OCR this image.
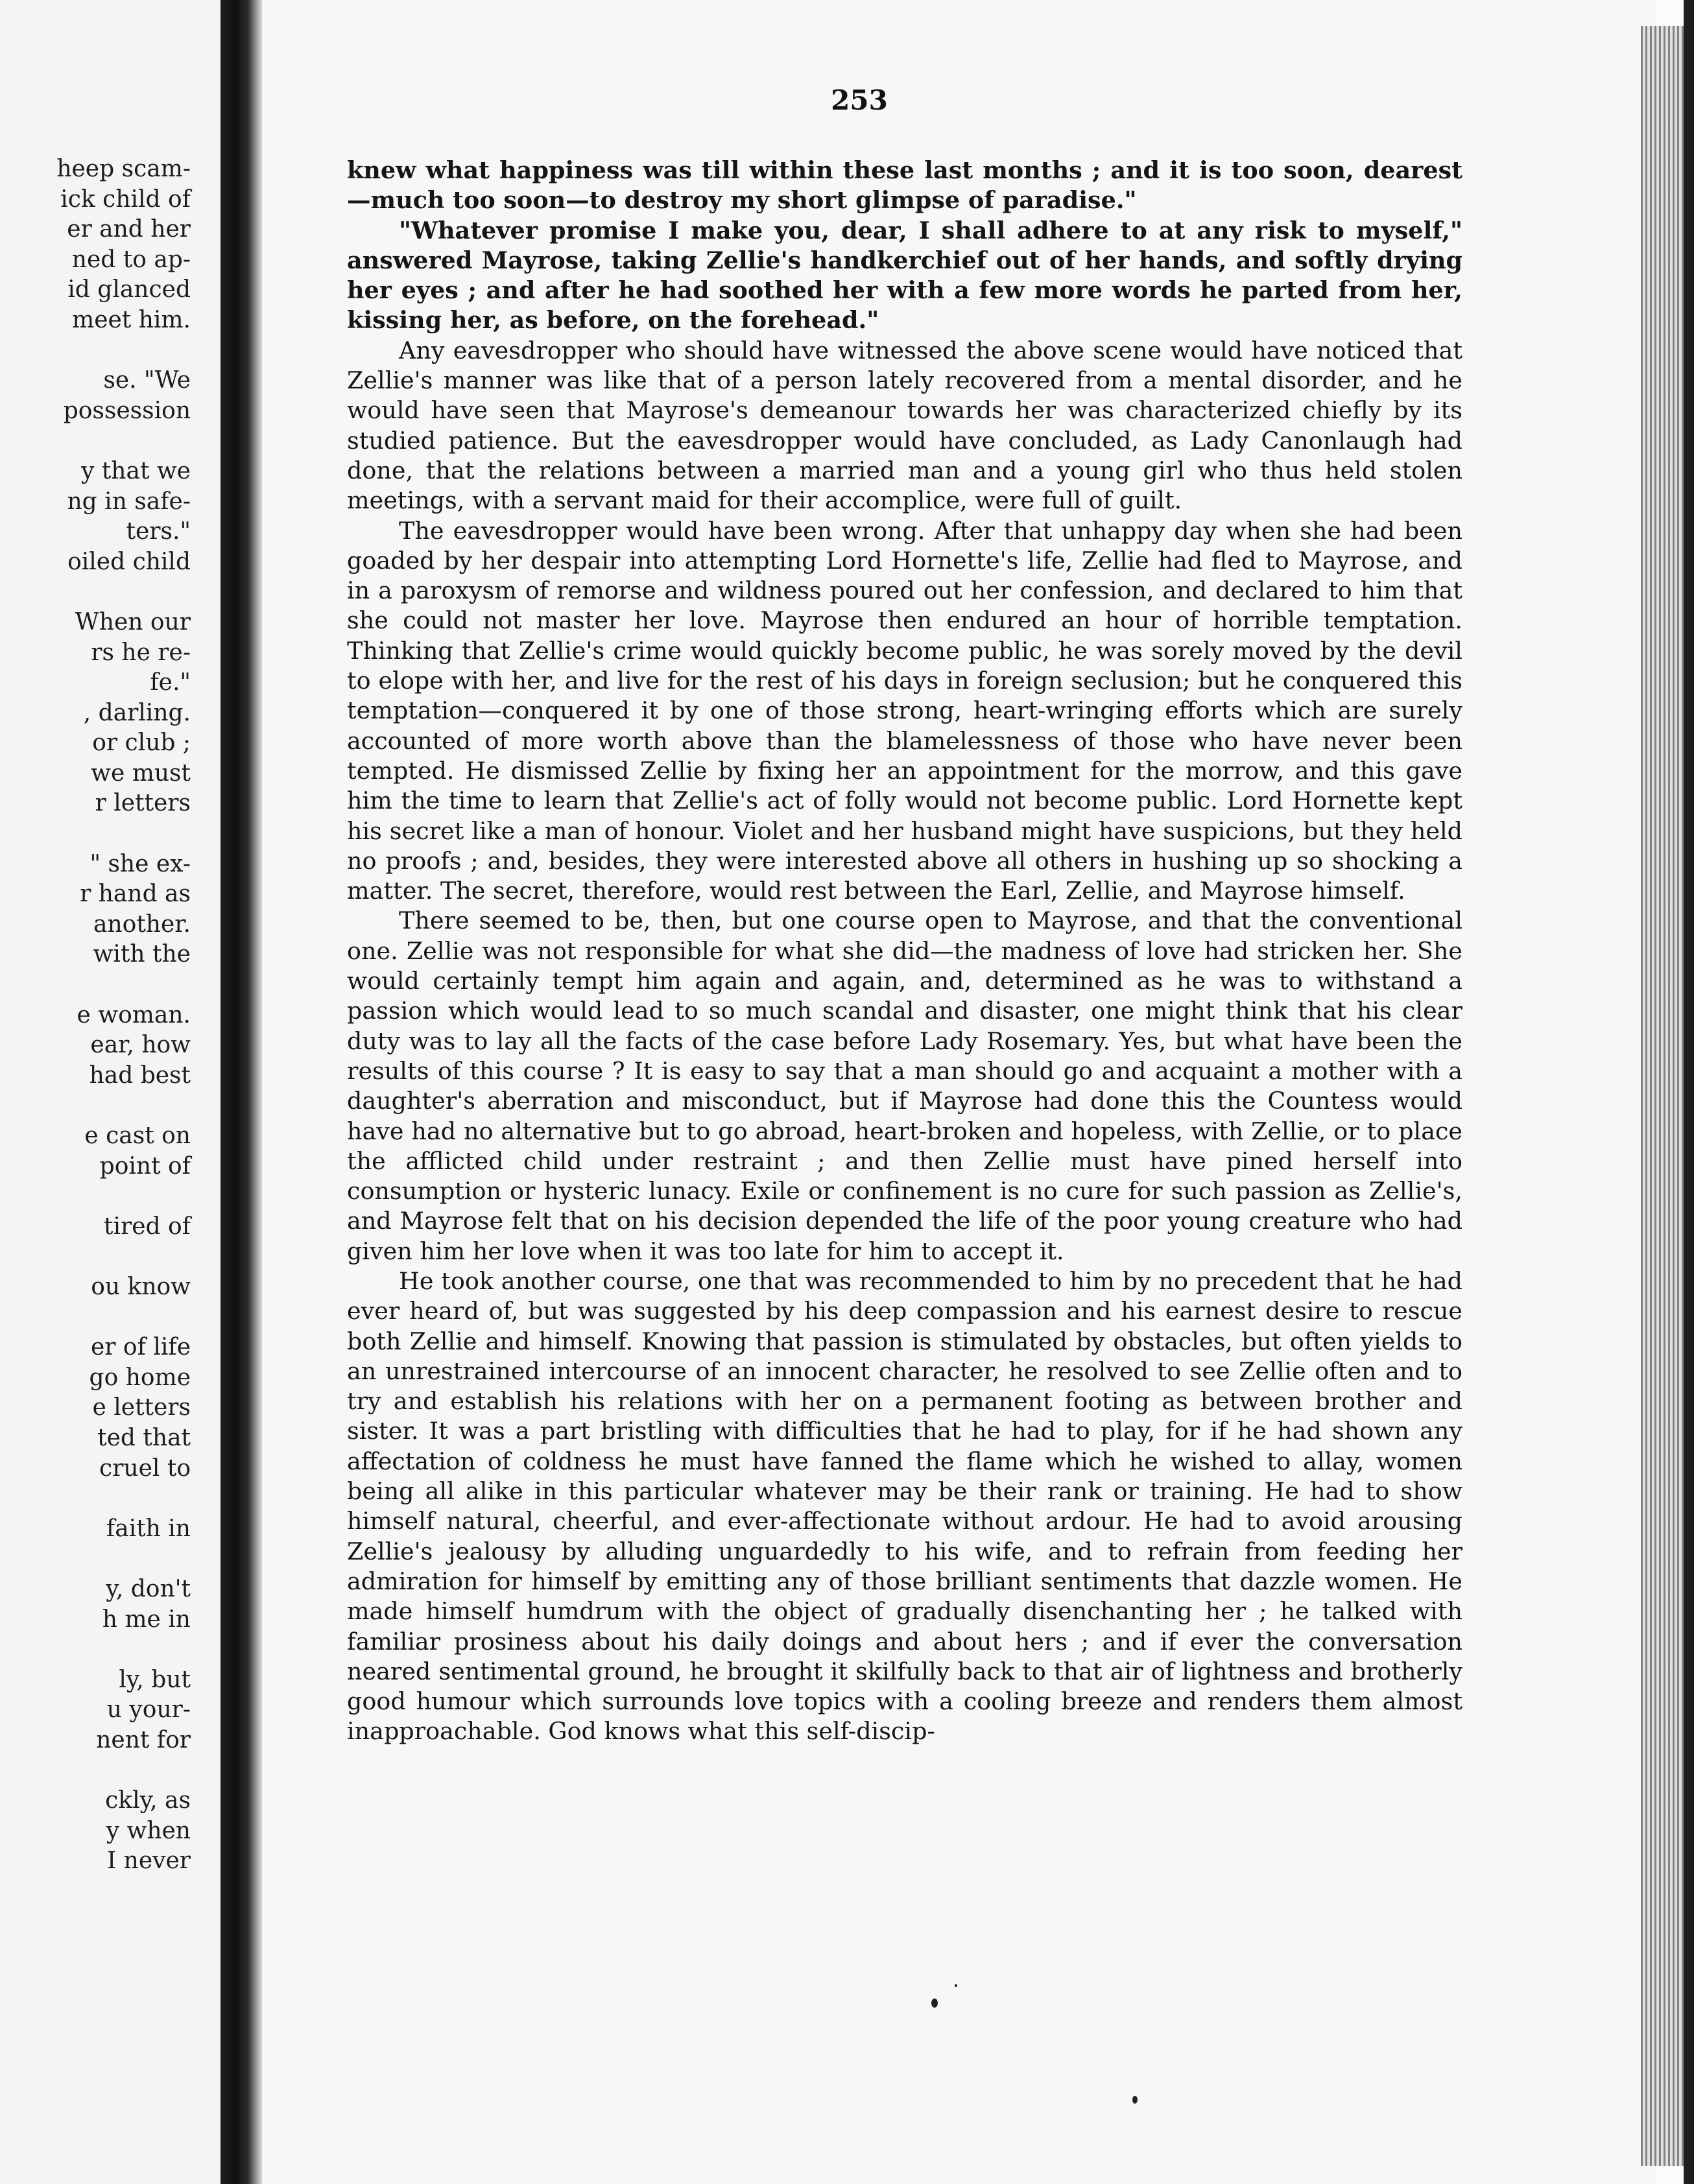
heep scam-
ick child of
er and her
ned to ap-
id glanced
meet him.

se. "We
possession

y that we
ng in safe-
ters."
oiled child

When our
rs he re-
fe."
, darling.
or club ;
we must
r letters

" she ex-
r hand as
another.
with the

e woman.
ear, how
had best

e cast on
point of

tired of

ou know

er of life
go home
e letters
ted that
cruel to

faith in

y, don't
h me in

ly, but
u your-
nent for

ckly, as
y when
I never
253

knew what happiness was till within these last months ; and it is too soon, dearest —much too soon—to destroy my short glimpse of paradise."

"Whatever promise I make you, dear, I shall adhere to at any risk to myself," answered Mayrose, taking Zellie's handkerchief out of her hands, and softly drying her eyes ; and after he had soothed her with a few more words he parted from her, kissing her, as before, on the forehead."

Any eavesdropper who should have witnessed the above scene would have noticed that Zellie's manner was like that of a person lately recovered from a mental disorder, and he would have seen that Mayrose's demeanour towards her was characterized chiefly by its studied patience. But the eavesdropper would have concluded, as Lady Canonlaugh had done, that the relations between a married man and a young girl who thus held stolen meetings, with a servant maid for their accomplice, were full of guilt.

The eavesdropper would have been wrong. After that unhappy day when she had been goaded by her despair into attempting Lord Hornette's life, Zellie had fled to Mayrose, and in a paroxysm of remorse and wildness poured out her confession, and declared to him that she could not master her love. Mayrose then endured an hour of horrible temptation. Thinking that Zellie's crime would quickly become public, he was sorely moved by the devil to elope with her, and live for the rest of his days in foreign seclusion; but he conquered this temptation—conquered it by one of those strong, heart-wringing efforts which are surely accounted of more worth above than the blamelessness of those who have never been tempted. He dismissed Zellie by fixing her an appointment for the morrow, and this gave him the time to learn that Zellie's act of folly would not become public. Lord Hornette kept his secret like a man of honour. Violet and her husband might have suspicions, but they held no proofs ; and, besides, they were interested above all others in hushing up so shocking a matter. The secret, therefore, would rest between the Earl, Zellie, and Mayrose himself.

There seemed to be, then, but one course open to Mayrose, and that the conventional one. Zellie was not responsible for what she did—the madness of love had stricken her. She would certainly tempt him again and again, and, determined as he was to withstand a passion which would lead to so much scandal and disaster, one might think that his clear duty was to lay all the facts of the case before Lady Rosemary. Yes, but what have been the results of this course ? It is easy to say that a man should go and acquaint a mother with a daughter's aberration and misconduct, but if Mayrose had done this the Countess would have had no alternative but to go abroad, heart-broken and hopeless, with Zellie, or to place the afflicted child under restraint ; and then Zellie must have pined herself into consumption or hysteric lunacy. Exile or confinement is no cure for such passion as Zellie's, and Mayrose felt that on his decision depended the life of the poor young creature who had given him her love when it was too late for him to accept it.

He took another course, one that was recommended to him by no precedent that he had ever heard of, but was suggested by his deep compassion and his earnest desire to rescue both Zellie and himself. Knowing that passion is stimulated by obstacles, but often yields to an unrestrained intercourse of an innocent character, he resolved to see Zellie often and to try and establish his relations with her on a permanent footing as between brother and sister. It was a part bristling with difficulties that he had to play, for if he had shown any affectation of coldness he must have fanned the flame which he wished to allay, women being all alike in this particular whatever may be their rank or training. He had to show himself natural, cheerful, and ever-affectionate without ardour. He had to avoid arousing Zellie's jealousy by alluding unguardedly to his wife, and to refrain from feeding her admiration for himself by emitting any of those brilliant sentiments that dazzle women. He made himself humdrum with the object of gradually disenchanting her ; he talked with familiar prosiness about his daily doings and about hers ; and if ever the conversation neared sentimental ground, he brought it skilfully back to that air of lightness and brotherly good humour which surrounds love topics with a cooling breeze and renders them almost inapproachable. God knows what this self-discip-
